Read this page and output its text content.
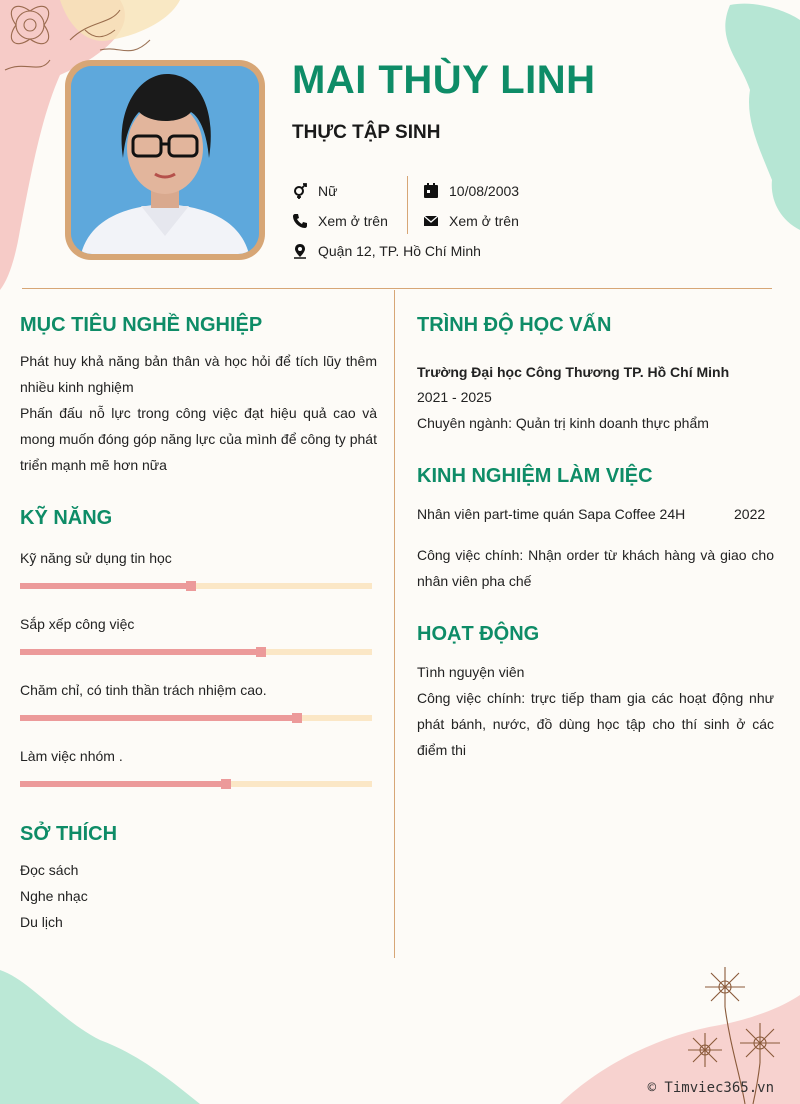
MAI THÙY LINH
THỰC TẬP SINH
Nữ
Xem ở trên
Quận 12, TP. Hồ Chí Minh
10/08/2003
Xem ở trên
MỤC TIÊU NGHỀ NGHIỆP
Phát huy khả năng bản thân và học hỏi để tích lũy thêm nhiều kinh nghiệm
Phấn đấu nỗ lực trong công việc đạt hiệu quả cao và mong muốn đóng góp năng lực của mình để công ty phát triển mạnh mẽ hơn nữa
KỸ NĂNG
Kỹ năng sử dụng tin học
Sắp xếp công việc
Chăm chỉ, có tinh thần trách nhiệm cao.
Làm việc nhóm .
SỞ THÍCH
Đọc sách
Nghe nhạc
Du lịch
TRÌNH ĐỘ HỌC VẤN
Trường Đại học Công Thương TP. Hồ Chí Minh
2021 - 2025
Chuyên ngành: Quản trị kinh doanh thực phẩm
KINH NGHIỆM LÀM VIỆC
Nhân viên part-time quán Sapa Coffee 24H	2022
Công việc chính: Nhận order từ khách hàng và giao cho nhân viên pha chế
HOẠT ĐỘNG
Tình nguyện viên
Công việc chính: trực tiếp tham gia các hoạt động như phát bánh, nước, đồ dùng học tập cho thí sinh ở các điểm thi
© Timviec365.vn
